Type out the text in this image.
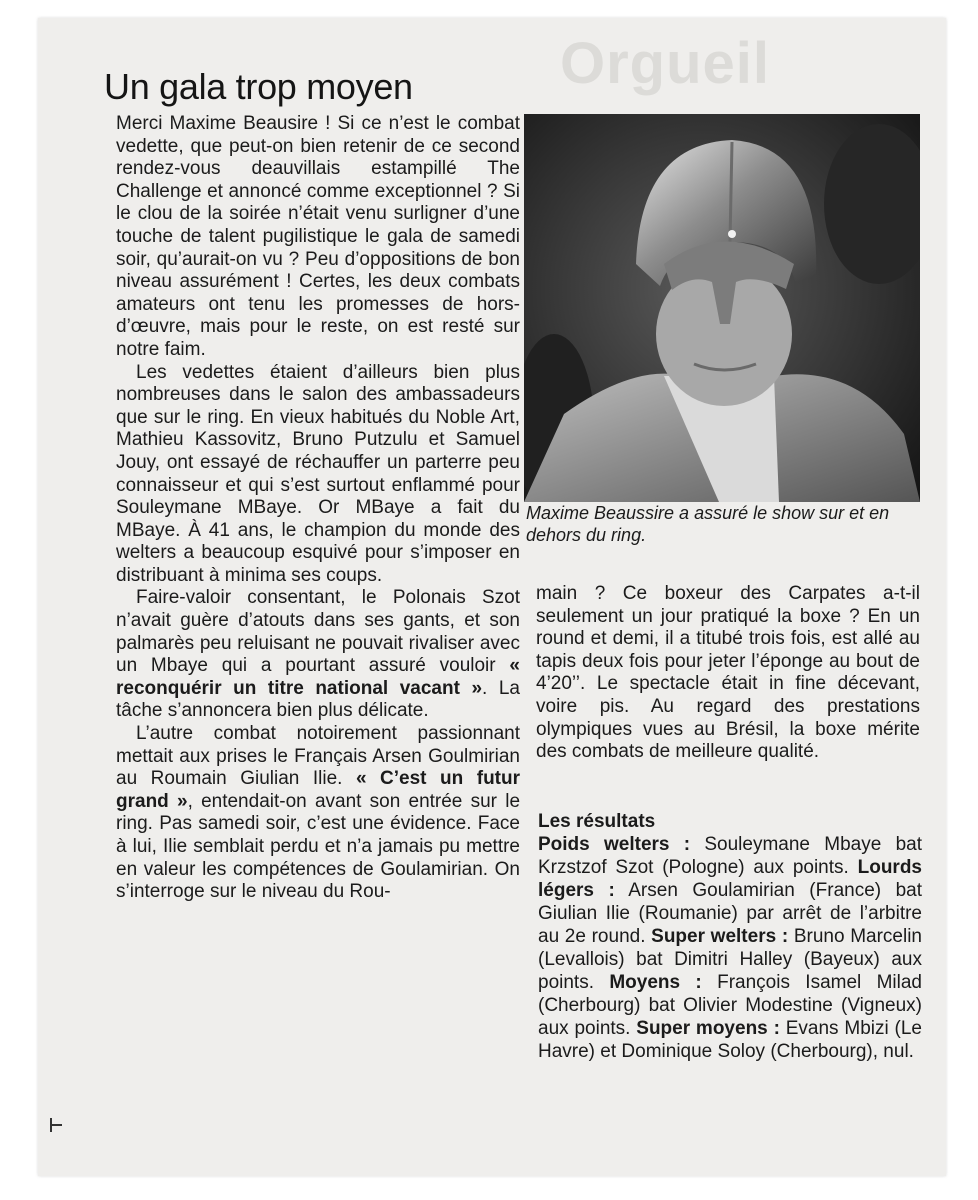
Orgueil
Un gala trop moyen

Merci Maxime Beausire ! Si ce n’est le combat vedette, que peut-on bien retenir de ce second rendez-vous deauvillais estampillé The Challenge et annoncé comme exceptionnel ? Si le clou de la soirée n’était venu surligner d’une touche de talent pugilistique le gala de samedi soir, qu’aurait-on vu ? Peu d’oppositions de bon niveau assurément ! Certes, les deux combats amateurs ont tenu les promesses de hors-d’œuvre, mais pour le reste, on est resté sur notre faim.

Les vedettes étaient d’ailleurs bien plus nombreuses dans le salon des ambassadeurs que sur le ring. En vieux habitués du Noble Art, Mathieu Kassovitz, Bruno Putzulu et Samuel Jouy, ont essayé de réchauffer un parterre peu connaisseur et qui s’est surtout enflammé pour Souleymane MBaye. Or MBaye a fait du MBaye. À 41 ans, le champion du monde des welters a beaucoup esquivé pour s’imposer en distribuant à minima ses coups.

Faire-valoir consentant, le Polonais Szot n’avait guère d’atouts dans ses gants, et son palmarès peu reluisant ne pouvait rivaliser avec un Mbaye qui a pourtant assuré vouloir « reconquérir un titre national vacant ». La tâche s’annoncera bien plus délicate.

L’autre combat notoirement passionnant mettait aux prises le Français Arsen Goulmirian au Roumain Giulian Ilie. « C’est un futur grand », entendait-on avant son entrée sur le ring. Pas samedi soir, c’est une évidence. Face à lui, Ilie semblait perdu et n’a jamais pu mettre en valeur les compétences de Goulamirian. On s’interroge sur le niveau du Rou-

Maxime Beaussire a assuré le show sur et en dehors du ring.

main ? Ce boxeur des Carpates a-t-il seulement un jour pratiqué la boxe ? En un round et demi, il a titubé trois fois, est allé au tapis deux fois pour jeter l’éponge au bout de 4’20’’. Le spectacle était in fine décevant, voire pis. Au regard des prestations olympiques vues au Brésil, la boxe mérite des combats de meilleure qualité.

Les résultats

Poids welters : Souleymane Mbaye bat Krzstzof Szot (Pologne) aux points. Lourds légers : Arsen Goulamirian (France) bat Giulian Ilie (Roumanie) par arrêt de l’arbitre au 2e round. Super welters : Bruno Marcelin (Levallois) bat Dimitri Halley (Bayeux) aux points. Moyens : François Isamel Milad (Cherbourg) bat Olivier Modestine (Vigneux) aux points. Super moyens : Evans Mbizi (Le Havre) et Dominique Soloy (Cherbourg), nul.
